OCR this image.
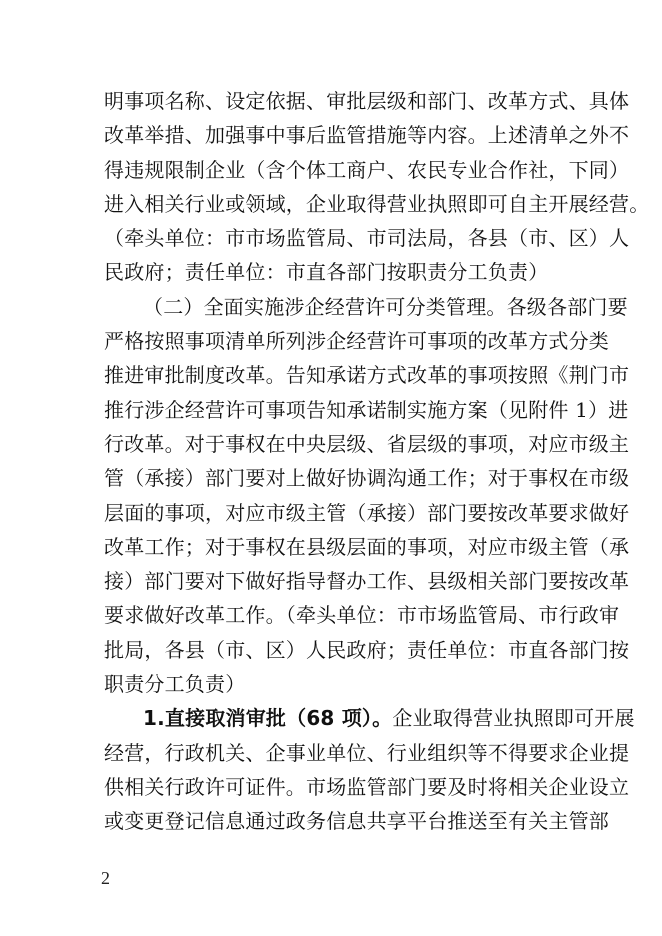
明事项名称、设定依据、审批层级和部门、改革方式、具体
改革举措、加强事中事后监管措施等内容。上述清单之外不
得违规限制企业（含个体工商户、农民专业合作社，下同）
进入相关行业或领域，企业取得营业执照即可自主开展经营。
（牵头单位：市市场监管局、市司法局，各县（市、区）人
民政府；责任单位：市直各部门按职责分工负责）
（二）全面实施涉企经营许可分类管理。各级各部门要
严格按照事项清单所列涉企经营许可事项的改革方式分类
推进审批制度改革。告知承诺方式改革的事项按照《荆门市
推行涉企经营许可事项告知承诺制实施方案（见附件 1）进
行改革。对于事权在中央层级、省层级的事项，对应市级主
管（承接）部门要对上做好协调沟通工作；对于事权在市级
层面的事项，对应市级主管（承接）部门要按改革要求做好
改革工作；对于事权在县级层面的事项，对应市级主管（承
接）部门要对下做好指导督办工作、县级相关部门要按改革
要求做好改革工作。（牵头单位：市市场监管局、市行政审
批局，各县（市、区）人民政府；责任单位：市直各部门按
职责分工负责）
1.直接取消审批（68 项）。企业取得营业执照即可开展
经营，行政机关、企事业单位、行业组织等不得要求企业提
供相关行政许可证件。市场监管部门要及时将相关企业设立
或变更登记信息通过政务信息共享平台推送至有关主管部
2
